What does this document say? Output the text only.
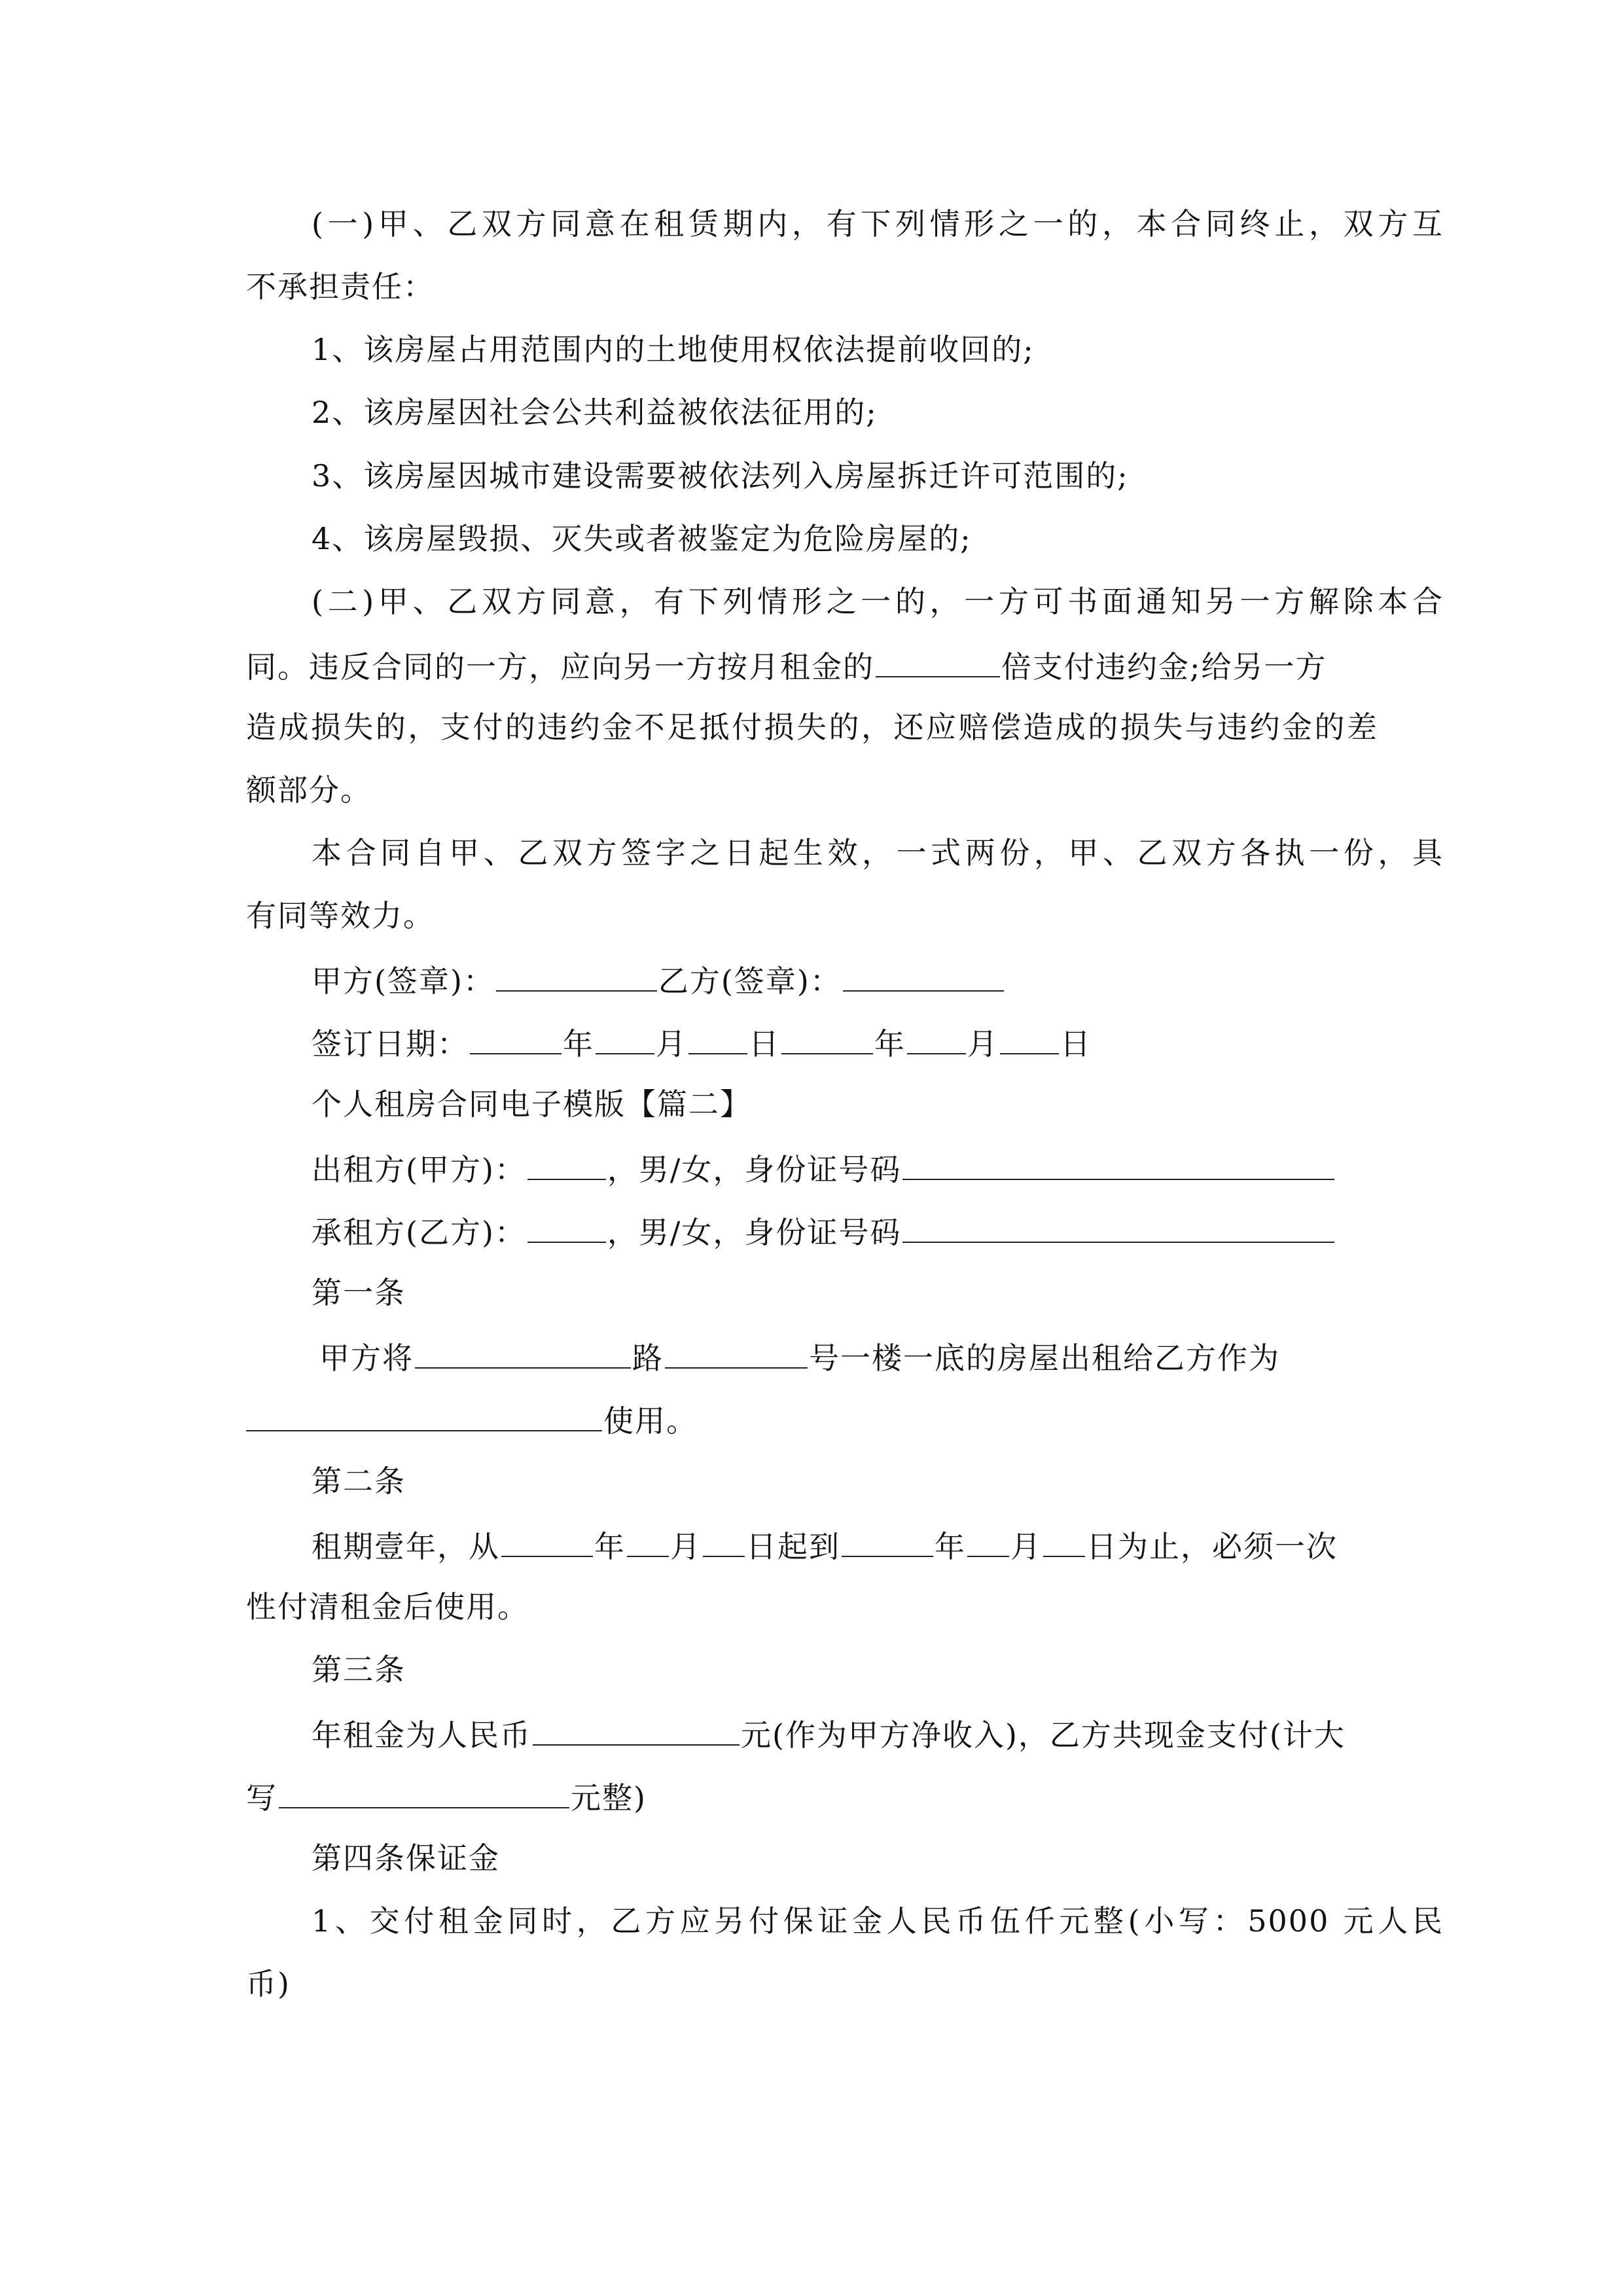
(一)甲、乙双方同意在租赁期内，有下列情形之一的，本合同终止，双方互
不承担责任：
1、该房屋占用范围内的土地使用权依法提前收回的;
2、该房屋因社会公共利益被依法征用的;
3、该房屋因城市建设需要被依法列入房屋拆迁许可范围的;
4、该房屋毁损、灭失或者被鉴定为危险房屋的;
(二)甲、乙双方同意，有下列情形之一的，一方可书面通知另一方解除本合
同。违反合同的一方，应向另一方按月租金的	倍支付违约金;给另一方
造成损失的，支付的违约金不足抵付损失的，还应赔偿造成的损失与违约金的差
额部分。
本合同自甲、乙双方签字之日起生效，一式两份，甲、乙双方各执一份，具
有同等效力。
甲方(签章)：	乙方(签章)：
签订日期：	年 月 日	年 月 日
个人租房合同电子模版【篇二】
出租方(甲方)：	，男/女，身份证号码
承租方(乙方)：	，男/女，身份证号码
第一条
甲方将	路	号一楼一底的房屋出租给乙方作为
使用。
第二条
租期壹年，从	年 月 日起到	年 月 日为止，必须一次
性付清租金后使用。
第三条
年租金为人民币	元(作为甲方净收入)，乙方共现金支付(计大
写	元整)
第四条保证金
1、交付租金同时，乙方应另付保证金人民币伍仟元整(小写：5000 元人民
币)
